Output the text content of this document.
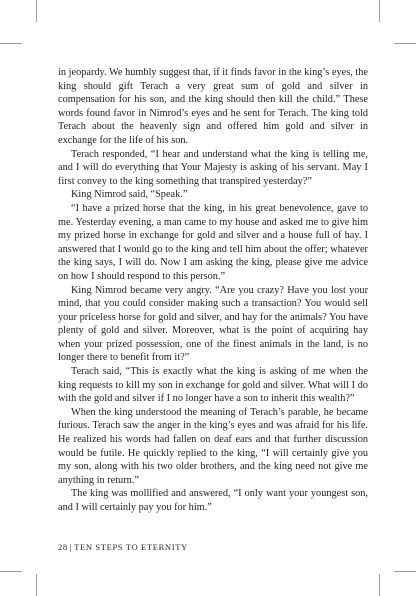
in jeopardy. We humbly suggest that, if it finds favor in the king’s eyes, the king should gift Terach a very great sum of gold and silver in compensation for his son, and the king should then kill the child.” These words found favor in Nimrod’s eyes and he sent for Terach. The king told Terach about the heavenly sign and offered him gold and silver in exchange for the life of his son.

Terach responded, “I hear and understand what the king is telling me, and I will do everything that Your Majesty is asking of his servant. May I first convey to the king something that transpired yesterday?”

King Nimrod said, “Speak.”

“I have a prized horse that the king, in his great benevolence, gave to me. Yesterday evening, a man came to my house and asked me to give him my prized horse in exchange for gold and silver and a house full of hay. I answered that I would go to the king and tell him about the offer; whatever the king says, I will do. Now I am asking the king, please give me advice on how I should respond to this person.”

King Nimrod became very angry. “Are you crazy? Have you lost your mind, that you could consider making such a transaction? You would sell your priceless horse for gold and silver, and hay for the animals? You have plenty of gold and silver. Moreover, what is the point of acquiring hay when your prized possession, one of the finest animals in the land, is no longer there to benefit from it?”

Terach said, “This is exactly what the king is asking of me when the king requests to kill my son in exchange for gold and silver. What will I do with the gold and silver if I no longer have a son to inherit this wealth?”

When the king understood the meaning of Terach’s parable, he became furious. Terach saw the anger in the king’s eyes and was afraid for his life. He realized his words had fallen on deaf ears and that further discussion would be futile. He quickly replied to the king, “I will certainly give you my son, along with his two older brothers, and the king need not give me anything in return.”

The king was mollified and answered, “I only want your youngest son, and I will certainly pay you for him.”

28 | TEN STEPS TO ETERNITY
